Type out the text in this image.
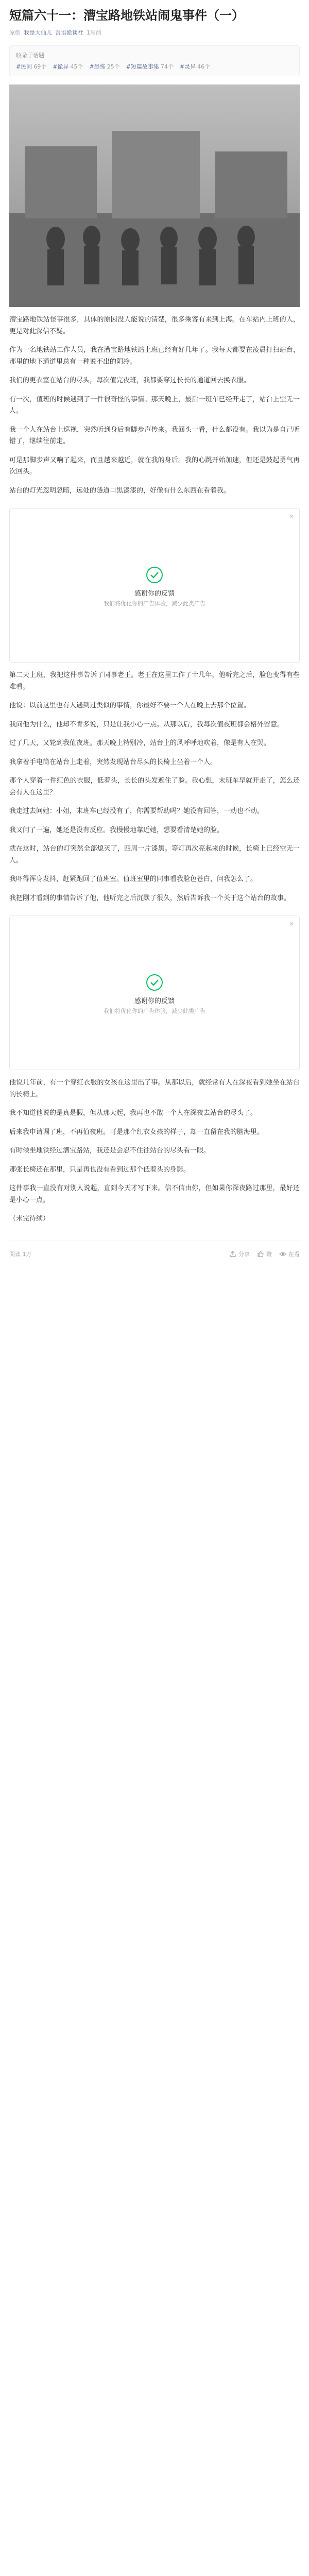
短篇六十一：漕宝路地铁站闹鬼事件（一）
原创 我是大仙儿 言语诡谈社 1周前
收录于话题
#民间 69个 #诡异 45个 #恐怖 25个 #短篇故事集 74个 #灵异 46个

漕宝路地铁站怪事很多，具体的原因没人能说的清楚，很多乘客有来到上海。在车站内上班的人，更是对此深信不疑。

作为一名地铁站工作人员，我在漕宝路地铁站上班已经有好几年了。我每天都要在凌晨打扫站台，那里的地下通道里总有一种说不出的阴冷。

我们的更衣室在站台的尽头，每次值完夜班，我都要穿过长长的通道回去换衣服。

有一次，值班的时候遇到了一件很奇怪的事情。那天晚上，最后一班车已经开走了，站台上空无一人。

我一个人在站台上巡视，突然听到身后有脚步声传来。我回头一看，什么都没有。我以为是自己听错了，继续往前走。

可是那脚步声又响了起来，而且越来越近，就在我的身后。我的心跳开始加速，但还是鼓起勇气再次回头。

站台的灯光忽明忽暗，远处的隧道口黑漆漆的，好像有什么东西在看着我。

×
感谢你的反馈
我们将优化你的广告体验，减少此类广告

第二天上班，我把这件事告诉了同事老王。老王在这里工作了十几年，他听完之后，脸色变得有些难看。

他说：以前这里也有人遇到过类似的事情，你最好不要一个人在晚上去那个位置。

我问他为什么，他却不肯多说，只是让我小心一点。从那以后，我每次值夜班都会格外留意。

过了几天，又轮到我值夜班。那天晚上特别冷，站台上的风呼呼地吹着，像是有人在哭。

我拿着手电筒在站台上走着，突然发现站台尽头的长椅上坐着一个人。

那个人穿着一件红色的衣服，低着头，长长的头发遮住了脸。我心想，末班车早就开走了，怎么还会有人在这里？

我走过去问她：小姐，末班车已经没有了，你需要帮助吗？她没有回答，一动也不动。

我又问了一遍，她还是没有反应。我慢慢地靠近她，想要看清楚她的脸。

就在这时，站台的灯突然全部熄灭了，四周一片漆黑。等灯再次亮起来的时候，长椅上已经空无一人。

我吓得浑身发抖，赶紧跑回了值班室。值班室里的同事看我脸色苍白，问我怎么了。

我把刚才看到的事情告诉了他，他听完之后沉默了很久，然后告诉我一个关于这个站台的故事。

×
感谢你的反馈
我们将优化你的广告体验，减少此类广告

他说几年前，有一个穿红衣服的女孩在这里出了事。从那以后，就经常有人在深夜看到她坐在站台的长椅上。

我不知道他说的是真是假，但从那天起，我再也不敢一个人在深夜去站台的尽头了。

后来我申请调了班，不再值夜班。可是那个红衣女孩的样子，却一直留在我的脑海里。

有时候坐地铁经过漕宝路站，我还是会忍不住往站台的尽头看一眼。

那张长椅还在那里，只是再也没有看到过那个低着头的身影。

这件事我一直没有对别人说起，直到今天才写下来。信不信由你，但如果你深夜路过那里，最好还是小心一点。

（未完待续）

阅读 1万	分享	赞	在看
